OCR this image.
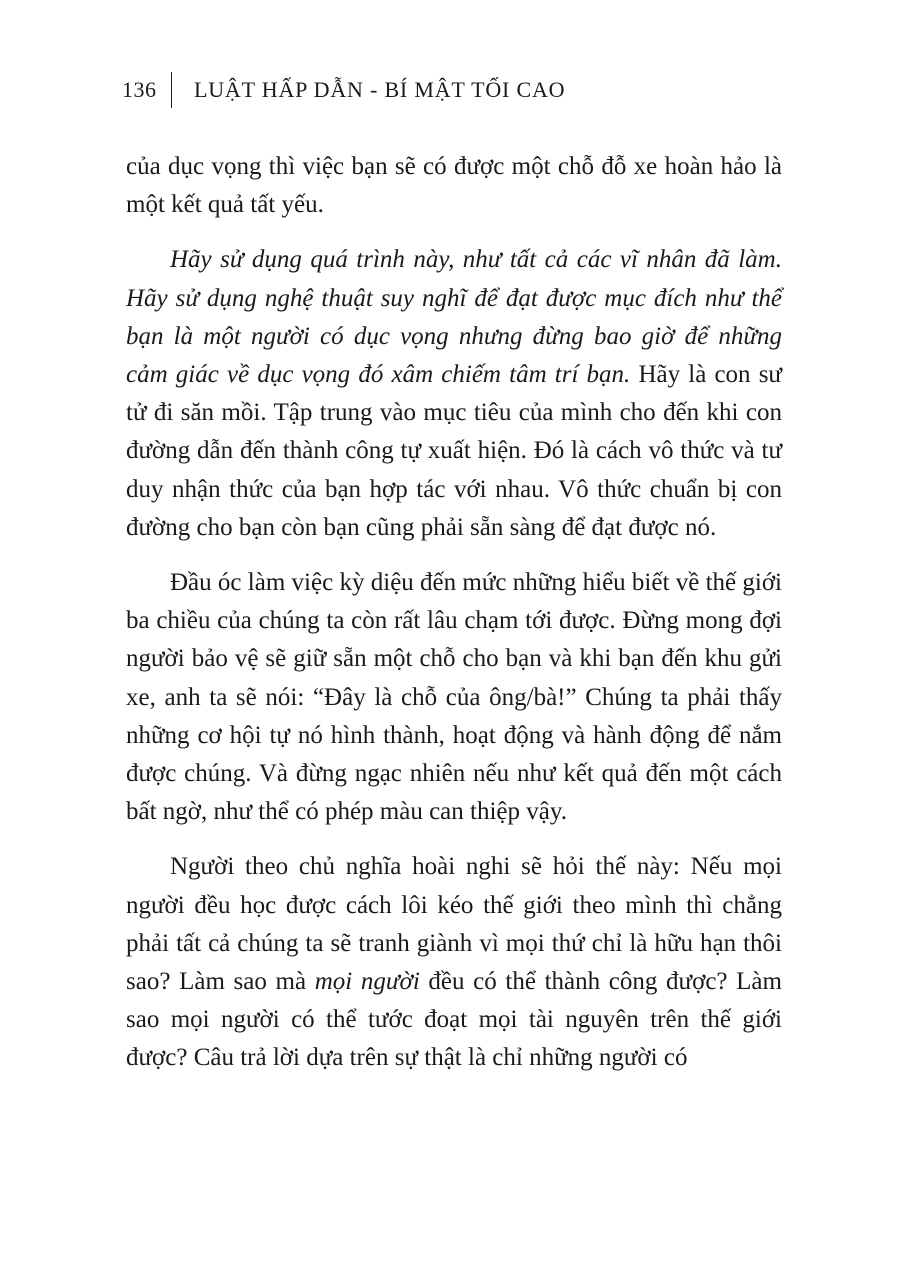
136	LUẬT HẤP DẪN - BÍ MẬT TỐI CAO

của dục vọng thì việc bạn sẽ có được một chỗ đỗ xe hoàn hảo là một kết quả tất yếu.

Hãy sử dụng quá trình này, như tất cả các vĩ nhân đã làm. Hãy sử dụng nghệ thuật suy nghĩ để đạt được mục đích như thể bạn là một người có dục vọng nhưng đừng bao giờ để những cảm giác về dục vọng đó xâm chiếm tâm trí bạn. Hãy là con sư tử đi săn mồi. Tập trung vào mục tiêu của mình cho đến khi con đường dẫn đến thành công tự xuất hiện. Đó là cách vô thức và tư duy nhận thức của bạn hợp tác với nhau. Vô thức chuẩn bị con đường cho bạn còn bạn cũng phải sẵn sàng để đạt được nó.

Đầu óc làm việc kỳ diệu đến mức những hiểu biết về thế giới ba chiều của chúng ta còn rất lâu chạm tới được. Đừng mong đợi người bảo vệ sẽ giữ sẵn một chỗ cho bạn và khi bạn đến khu gửi xe, anh ta sẽ nói: “Đây là chỗ của ông/bà!” Chúng ta phải thấy những cơ hội tự nó hình thành, hoạt động và hành động để nắm được chúng. Và đừng ngạc nhiên nếu như kết quả đến một cách bất ngờ, như thể có phép màu can thiệp vậy.

Người theo chủ nghĩa hoài nghi sẽ hỏi thế này: Nếu mọi người đều học được cách lôi kéo thế giới theo mình thì chẳng phải tất cả chúng ta sẽ tranh giành vì mọi thứ chỉ là hữu hạn thôi sao? Làm sao mà mọi người đều có thể thành công được? Làm sao mọi người có thể tước đoạt mọi tài nguyên trên thế giới được? Câu trả lời dựa trên sự thật là chỉ những người có
